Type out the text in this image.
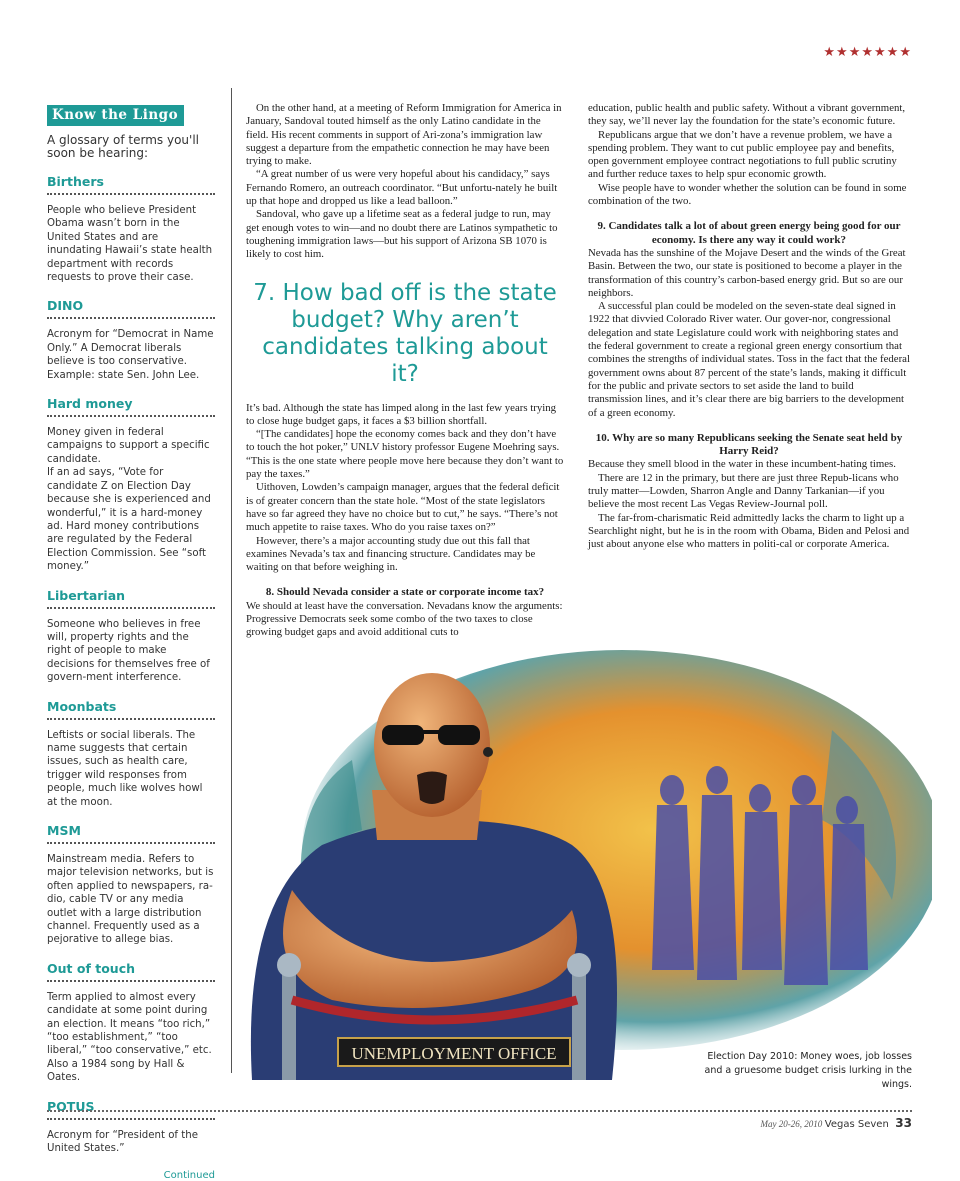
★★★★★★★
Know the Lingo
A glossary of terms you'll soon be hearing:
Birthers
People who believe President Obama wasn’t born in the United States and are inundating Hawaii’s state health department with records requests to prove their case.
DINO
Acronym for “Democrat in Name Only.” A Democrat liberals believe is too conservative. Example: state Sen. John Lee.
Hard money
Money given in federal campaigns to support a specific candidate.
If an ad says, “Vote for candidate Z on Election Day because she is experienced and wonderful,” it is a hard-money ad. Hard money contributions are regulated by the Federal Election Commission. See “soft money.”
Libertarian
Someone who believes in free will, property rights and the right of people to make decisions for themselves free of govern-ment interference.
Moonbats
Leftists or social liberals. The name suggests that certain issues, such as health care, trigger wild responses from people, much like wolves howl at the moon.
MSM
Mainstream media. Refers to major television networks, but is often applied to newspapers, ra-dio, cable TV or any media outlet with a large distribution channel. Frequently used as a pejorative to allege bias.
Out of touch
Term applied to almost every candidate at some point during an election. It means “too rich,” “too establishment,” “too liberal,” “too conservative,” etc. Also a 1984 song by Hall & Oates.
POTUS
Acronym for “President of the United States.”
Continued

On the other hand, at a meeting of Reform Immigration for America in January, Sandoval touted himself as the only Latino candidate in the field. His recent comments in support of Ari-zona’s immigration law suggest a departure from the empathetic connection he may have been trying to make.

“A great number of us were very hopeful about his candidacy,” says Fernando Romero, an outreach coordinator. “But unfortu-nately he built up that hope and dropped us like a lead balloon.”

Sandoval, who gave up a lifetime seat as a federal judge to run, may get enough votes to win—and no doubt there are Latinos sympathetic to toughening immigration laws—but his support of Arizona SB 1070 is likely to cost him.

7. How bad off is the state budget? Why aren’t candidates talking about it?

It’s bad. Although the state has limped along in the last few years trying to close huge budget gaps, it faces a $3 billion shortfall.

“[The candidates] hope the economy comes back and they don’t have to touch the hot poker,” UNLV history professor Eugene Moehring says. “This is the one state where people move here because they don’t want to pay the taxes.”

Uithoven, Lowden’s campaign manager, argues that the federal deficit is of greater concern than the state hole. “Most of the state legislators have so far agreed they have no choice but to cut,” he says. “There’s not much appetite to raise taxes. Who do you raise taxes on?”

However, there’s a major accounting study due out this fall that examines Nevada’s tax and financing structure. Candidates may be waiting on that before weighing in.

8. Should Nevada consider a state or corporate income tax?

We should at least have the conversation. Nevadans know the arguments: Progressive Democrats seek some combo of the two taxes to close growing budget gaps and avoid additional cuts to

education, public health and public safety. Without a vibrant government, they say, we’ll never lay the foundation for the state’s economic future.

Republicans argue that we don’t have a revenue problem, we have a spending problem. They want to cut public employee pay and benefits, open government employee contract negotiations to full public scrutiny and further reduce taxes to help spur economic growth.

Wise people have to wonder whether the solution can be found in some combination of the two.

9. Candidates talk a lot of about green energy being good for our economy. Is there any way it could work?

Nevada has the sunshine of the Mojave Desert and the winds of the Great Basin. Between the two, our state is positioned to become a player in the transformation of this country’s carbon-based energy grid. But so are our neighbors.

A successful plan could be modeled on the seven-state deal signed in 1922 that divvied Colorado River water. Our gover-nor, congressional delegation and state Legislature could work with neighboring states and the federal government to create a regional green energy consortium that combines the strengths of individual states. Toss in the fact that the federal government owns about 87 percent of the state’s lands, making it difficult for the public and private sectors to set aside the land to build transmission lines, and it’s clear there are big barriers to the development of a green economy.

10. Why are so many Republicans seeking the Senate seat held by Harry Reid?

Because they smell blood in the water in these incumbent-hating times.

There are 12 in the primary, but there are just three Repub-licans who truly matter—Lowden, Sharron Angle and Danny Tarkanian—if you believe the most recent Las Vegas Review-Journal poll.

The far-from-charismatic Reid admittedly lacks the charm to light up a Searchlight night, but he is in the room with Obama, Biden and Pelosi and just about anyone else who matters in politi-cal or corporate America.

UNEMPLOYMENT OFFICE	Election Day 2010: Money woes, job losses and a gruesome budget crisis lurking in the wings.
May 20-26, 2010 Vegas Seven 33
